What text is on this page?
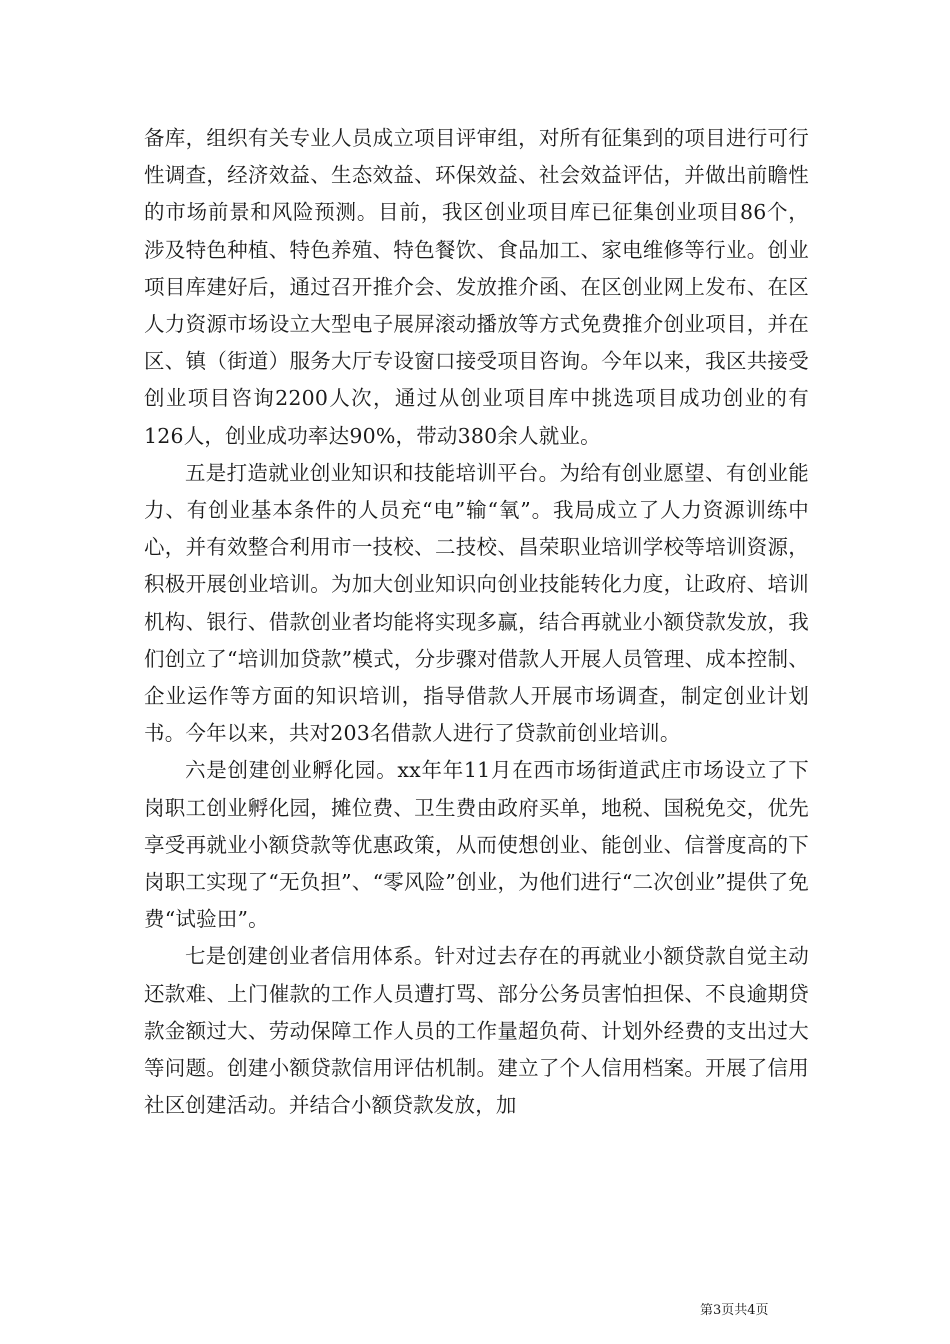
备库，组织有关专业人员成立项目评审组，对所有征集到的项目进行可行性调查，经济效益、生态效益、环保效益、社会效益评估，并做出前瞻性的市场前景和风险预测。目前，我区创业项目库已征集创业项目86个，涉及特色种植、特色养殖、特色餐饮、食品加工、家电维修等行业。创业项目库建好后，通过召开推介会、发放推介函、在区创业网上发布、在区人力资源市场设立大型电子展屏滚动播放等方式免费推介创业项目，并在区、镇（街道）服务大厅专设窗口接受项目咨询。今年以来，我区共接受创业项目咨询2200人次，通过从创业项目库中挑选项目成功创业的有126人，创业成功率达90%，带动380余人就业。

五是打造就业创业知识和技能培训平台。为给有创业愿望、有创业能力、有创业基本条件的人员充“电”输“氧”。我局成立了人力资源训练中心，并有效整合利用市一技校、二技校、昌荣职业培训学校等培训资源，积极开展创业培训。为加大创业知识向创业技能转化力度，让政府、培训机构、银行、借款创业者均能将实现多赢，结合再就业小额贷款发放，我们创立了“培训加贷款”模式，分步骤对借款人开展人员管理、成本控制、企业运作等方面的知识培训，指导借款人开展市场调查，制定创业计划书。今年以来，共对203名借款人进行了贷款前创业培训。

六是创建创业孵化园。xx年年11月在西市场街道武庄市场设立了下岗职工创业孵化园，摊位费、卫生费由政府买单，地税、国税免交，优先享受再就业小额贷款等优惠政策，从而使想创业、能创业、信誉度高的下岗职工实现了“无负担”、“零风险”创业，为他们进行“二次创业”提供了免费“试验田”。

七是创建创业者信用体系。针对过去存在的再就业小额贷款自觉主动还款难、上门催款的工作人员遭打骂、部分公务员害怕担保、不良逾期贷款金额过大、劳动保障工作人员的工作量超负荷、计划外经费的支出过大等问题。创建小额贷款信用评估机制。建立了个人信用档案。开展了信用社区创建活动。并结合小额贷款发放，加

第3页共4页
